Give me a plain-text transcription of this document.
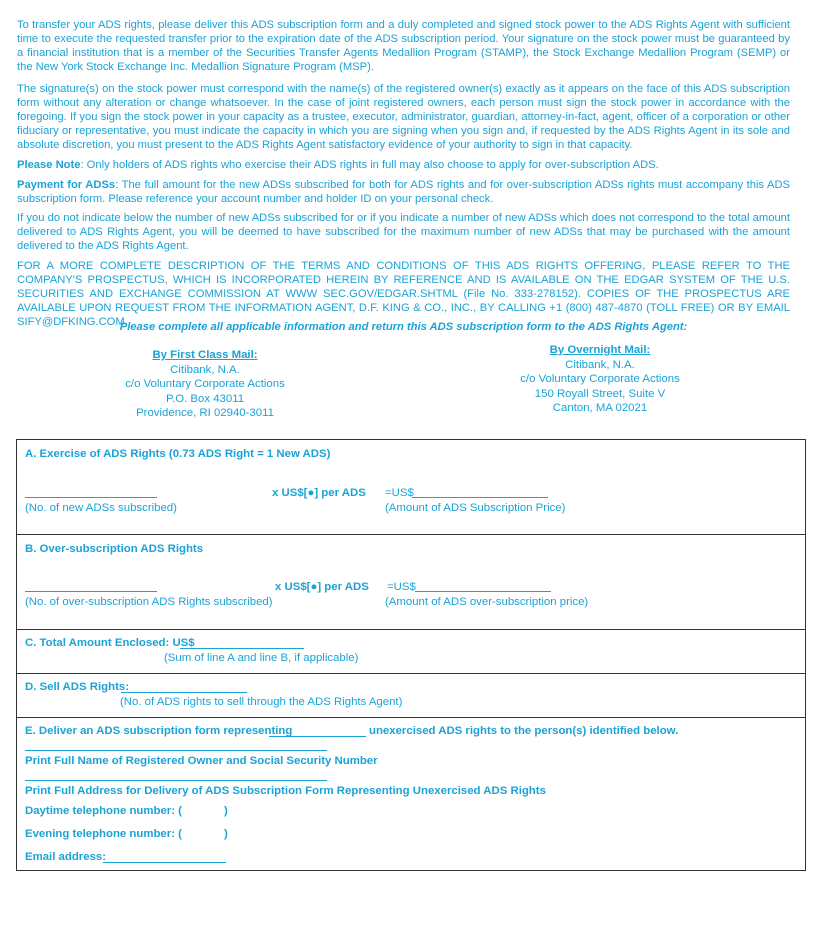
To transfer your ADS rights, please deliver this ADS subscription form and a duly completed and signed stock power to the ADS Rights Agent with sufficient time to execute the requested transfer prior to the expiration date of the ADS subscription period. Your signature on the stock power must be guaranteed by a financial institution that is a member of the Securities Transfer Agents Medallion Program (STAMP), the Stock Exchange Medallion Program (SEMP) or the New York Stock Exchange Inc. Medallion Signature Program (MSP).

The signature(s) on the stock power must correspond with the name(s) of the registered owner(s) exactly as it appears on the face of this ADS subscription form without any alteration or change whatsoever. In the case of joint registered owners, each person must sign the stock power in accordance with the foregoing. If you sign the stock power in your capacity as a trustee, executor, administrator, guardian, attorney-in-fact, agent, officer of a corporation or other fiduciary or representative, you must indicate the capacity in which you are signing when you sign and, if requested by the ADS Rights Agent in its sole and absolute discretion, you must present to the ADS Rights Agent satisfactory evidence of your authority to sign in that capacity.

Please Note: Only holders of ADS rights who exercise their ADS rights in full may also choose to apply for over-subscription ADS.

Payment for ADSs: The full amount for the new ADSs subscribed for both for ADS rights and for over-subscription ADSs rights must accompany this ADS subscription form. Please reference your account number and holder ID on your personal check.

If you do not indicate below the number of new ADSs subscribed for or if you indicate a number of new ADSs which does not correspond to the total amount delivered to ADS Rights Agent, you will be deemed to have subscribed for the maximum number of new ADSs that may be purchased with the amount delivered to the ADS Rights Agent.

FOR A MORE COMPLETE DESCRIPTION OF THE TERMS AND CONDITIONS OF THIS ADS RIGHTS OFFERING, PLEASE REFER TO THE COMPANY'S PROSPECTUS, WHICH IS INCORPORATED HEREIN BY REFERENCE AND IS AVAILABLE ON THE EDGAR SYSTEM OF THE U.S. SECURITIES AND EXCHANGE COMMISSION AT WWW SEC.GOV/EDGAR.SHTML (File No. 333-278152). COPIES OF THE PROSPECTUS ARE AVAILABLE UPON REQUEST FROM THE INFORMATION AGENT, D.F. KING & CO., INC., BY CALLING +1 (800) 487-4870 (TOLL FREE) OR BY EMAIL SIFY@DFKING.COM.

Please complete all applicable information and return this ADS subscription form to the ADS Rights Agent:

By First Class Mail:
Citibank, N.A.
c/o Voluntary Corporate Actions
P.O. Box 43011
Providence, RI 02940-3011
By Overnight Mail:
Citibank, N.A.
c/o Voluntary Corporate Actions
150 Royall Street, Suite V
Canton, MA 02021
A. Exercise of ADS Rights (0.73 ADS Right = 1 New ADS)
x US$[●] per ADS =US$
(No. of new ADSs subscribed)	(Amount of ADS Subscription Price)
B. Over-subscription ADS Rights
x US$[●] per ADS =US$
(No. of over-subscription ADS Rights subscribed)	(Amount of ADS over-subscription price)
C. Total Amount Enclosed: US$
(Sum of line A and line B, if applicable)
D. Sell ADS Rights:
(No. of ADS rights to sell through the ADS Rights Agent)
E. Deliver an ADS subscription form representing	unexercised ADS rights to the person(s) identified below.
Print Full Name of Registered Owner and Social Security Number
Print Full Address for Delivery of ADS Subscription Form Representing Unexercised ADS Rights
Daytime telephone number: (	)
Evening telephone number: (	)
Email address:
